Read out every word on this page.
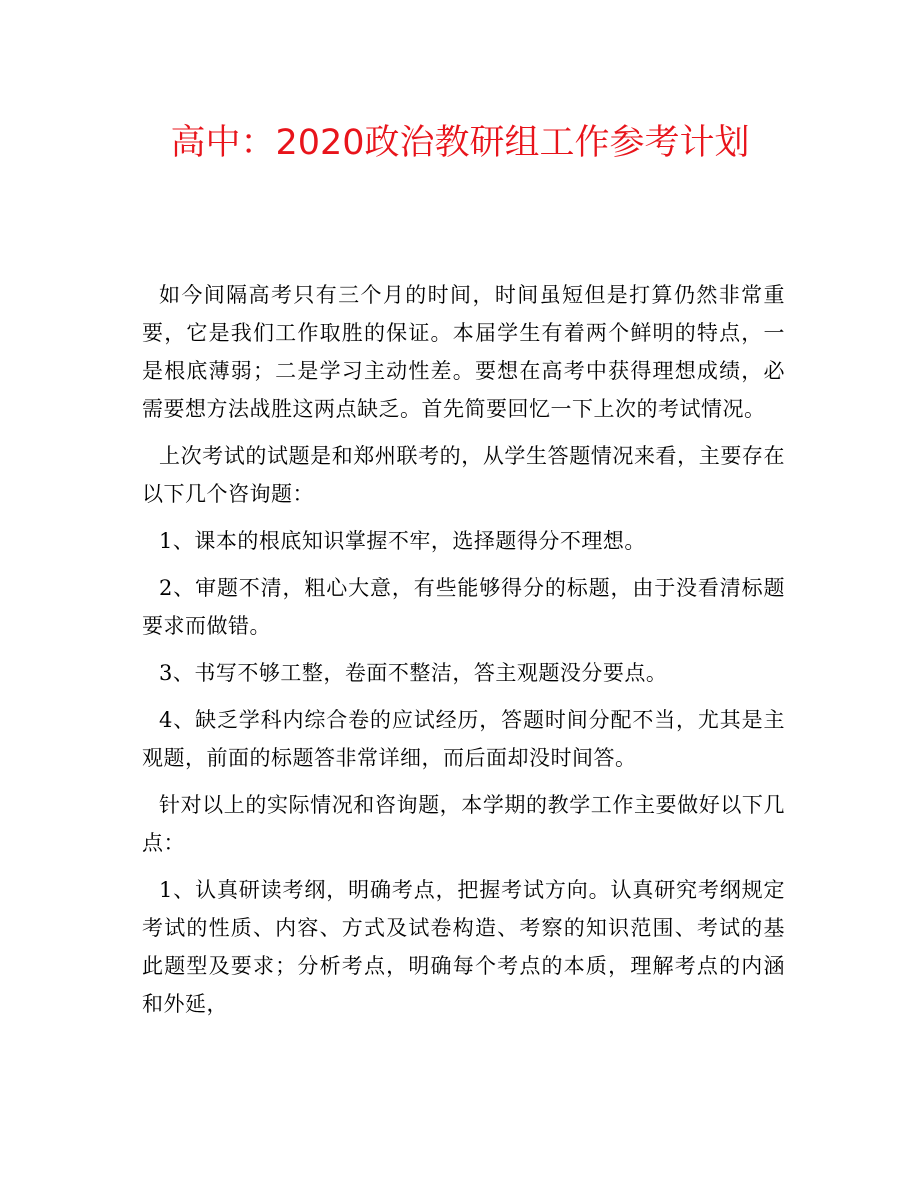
高中：2020政治教研组工作参考计划

如今间隔高考只有三个月的时间，时间虽短但是打算仍然非常重要，它是我们工作取胜的保证。本届学生有着两个鲜明的特点，一是根底薄弱；二是学习主动性差。要想在高考中获得理想成绩，必需要想方法战胜这两点缺乏。首先简要回忆一下上次的考试情况。

上次考试的试题是和郑州联考的，从学生答题情况来看，主要存在以下几个咨询题：

1、课本的根底知识掌握不牢，选择题得分不理想。

2、审题不清，粗心大意，有些能够得分的标题，由于没看清标题要求而做错。

3、书写不够工整，卷面不整洁，答主观题没分要点。

4、缺乏学科内综合卷的应试经历，答题时间分配不当，尤其是主观题，前面的标题答非常详细，而后面却没时间答。

针对以上的实际情况和咨询题，本学期的教学工作主要做好以下几点：

1、认真研读考纲，明确考点，把握考试方向。认真研究考纲规定考试的性质、内容、方式及试卷构造、考察的知识范围、考试的基此题型及要求；分析考点，明确每个考点的本质，理解考点的内涵和外延，
